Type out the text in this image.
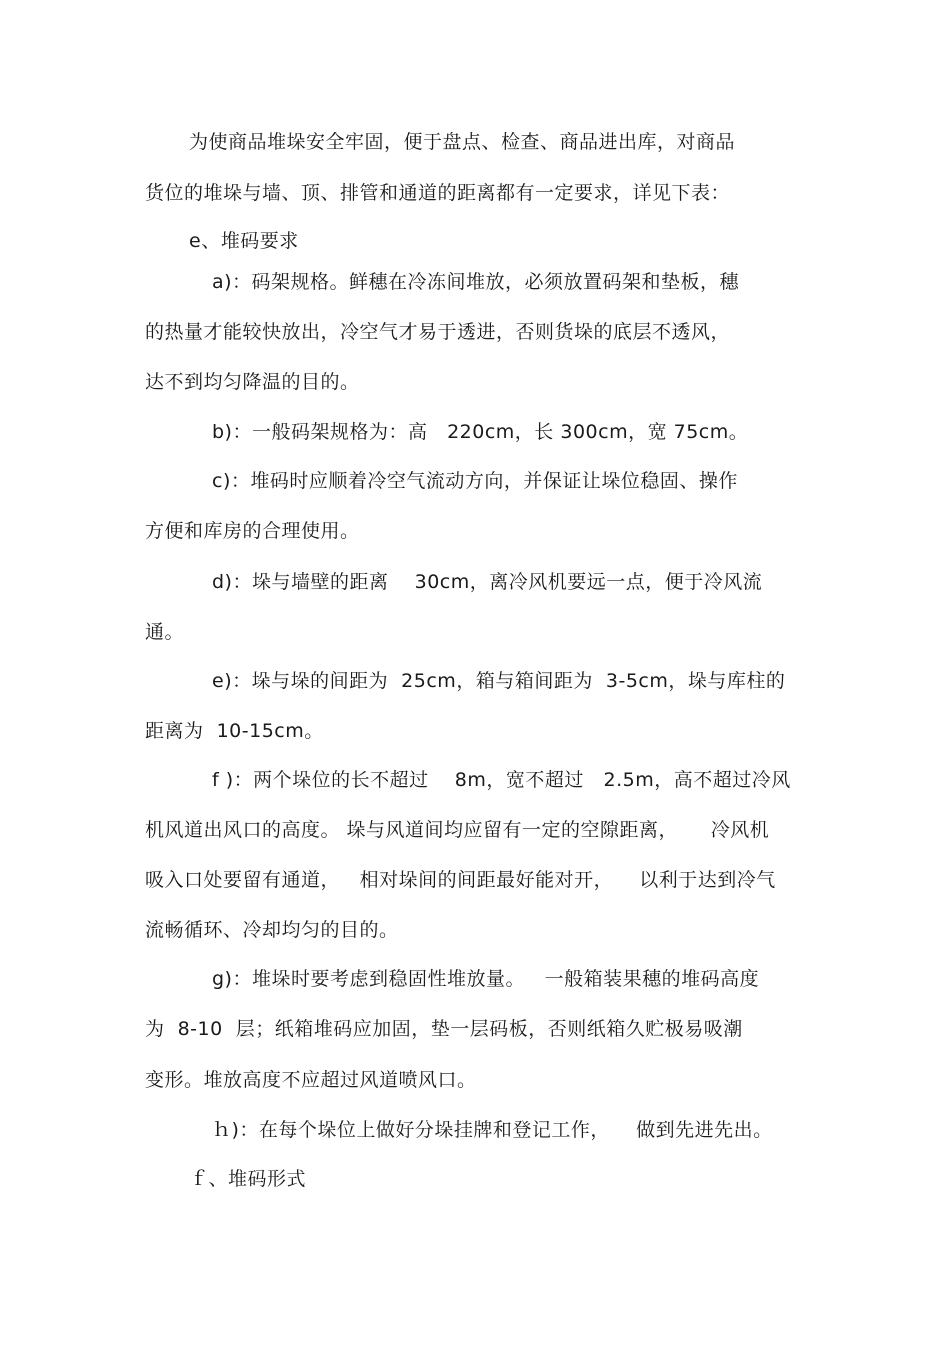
为使商品堆垛安全牢固，便于盘点、检查、商品进出库，对商品
货位的堆垛与墙、顶、排管和通道的距离都有一定要求，详见下表：
e、堆码要求
a)：码架规格。鲜穗在冷冻间堆放，必须放置码架和垫板，穗
的热量才能较快放出，冷空气才易于透进，否则货垛的底层不透风，
达不到均匀降温的目的。
b)：一般码架规格为：高   220cm，长 300cm，宽 75cm。
c)：堆码时应顺着冷空气流动方向，并保证让垛位稳固、操作
方便和库房的合理使用。
d)：垛与墙壁的距离    30cm，离冷风机要远一点，便于冷风流
通。
e)：垛与垛的间距为  25cm，箱与箱间距为  3-5cm，垛与库柱的
距离为  10-15cm。
f )：两个垛位的长不超过    8m，宽不超过   2.5m，高不超过冷风
机风道出风口的高度。 垛与风道间均应留有一定的空隙距离，     冷风机
吸入口处要留有通道，   相对垛间的间距最好能对开，    以利于达到冷气
流畅循环、冷却均匀的目的。
g)：堆垛时要考虑到稳固性堆放量。   一般箱装果穗的堆码高度
为  8-10  层；纸箱堆码应加固，垫一层码板，否则纸箱久贮极易吸潮
变形。堆放高度不应超过风道喷风口。
ｈ)：在每个垛位上做好分垛挂牌和登记工作，    做到先进先出。
ｆ、堆码形式
